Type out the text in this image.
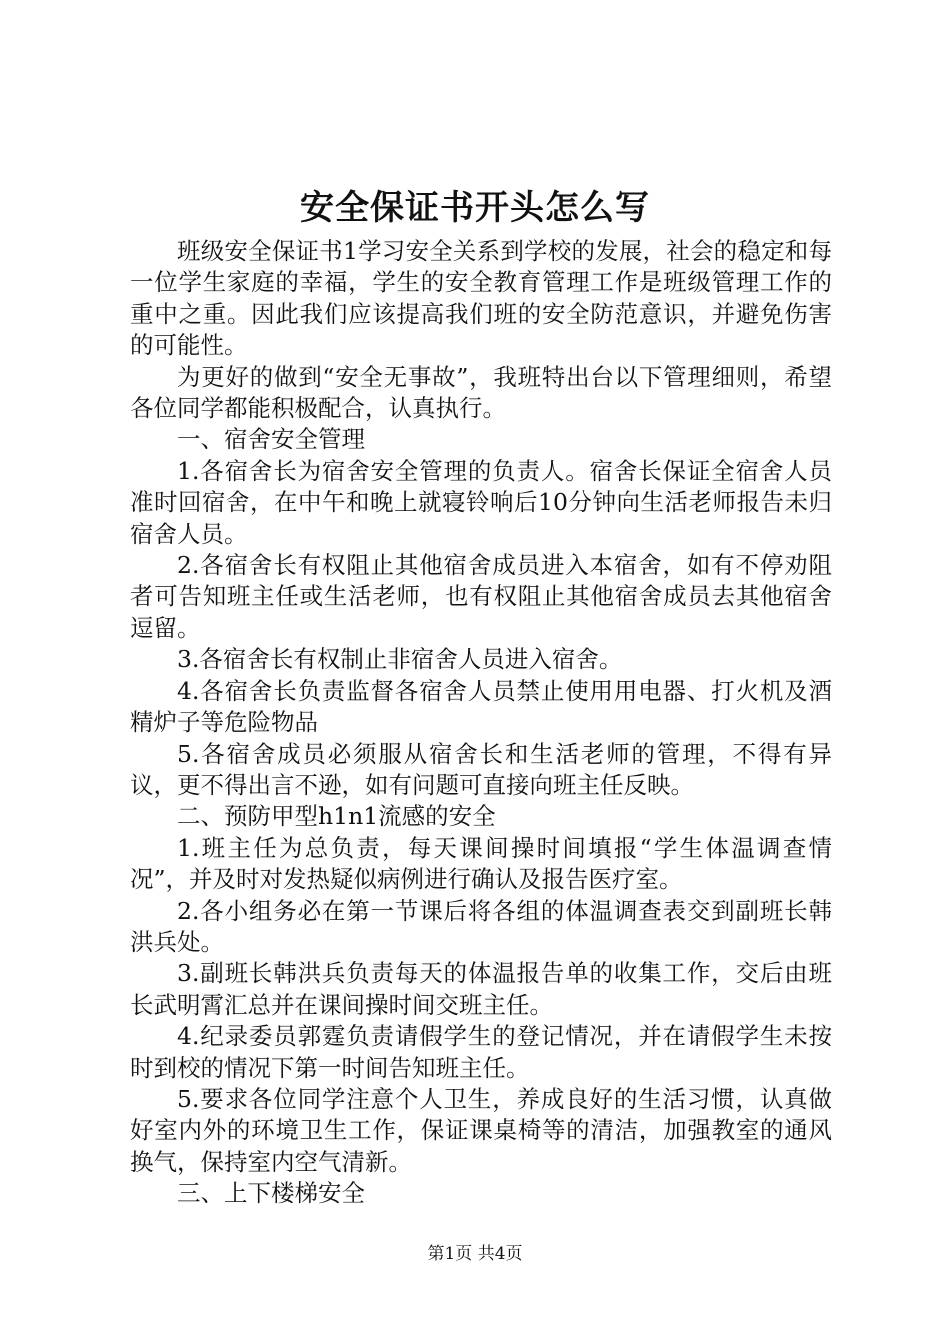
安全保证书开头怎么写

班级安全保证书1学习安全关系到学校的发展，社会的稳定和每一位学生家庭的幸福，学生的安全教育管理工作是班级管理工作的重中之重。因此我们应该提高我们班的安全防范意识，并避免伤害的可能性。

为更好的做到“安全无事故”，我班特出台以下管理细则，希望各位同学都能积极配合，认真执行。

一、宿舍安全管理

1.各宿舍长为宿舍安全管理的负责人。宿舍长保证全宿舍人员准时回宿舍，在中午和晚上就寝铃响后10分钟向生活老师报告未归宿舍人员。

2.各宿舍长有权阻止其他宿舍成员进入本宿舍，如有不停劝阻者可告知班主任或生活老师，也有权阻止其他宿舍成员去其他宿舍逗留。

3.各宿舍长有权制止非宿舍人员进入宿舍。

4.各宿舍长负责监督各宿舍人员禁止使用用电器、打火机及酒精炉子等危险物品

5.各宿舍成员必须服从宿舍长和生活老师的管理，不得有异议，更不得出言不逊，如有问题可直接向班主任反映。

二、预防甲型h1n1流感的安全

1.班主任为总负责，每天课间操时间填报“学生体温调查情况”，并及时对发热疑似病例进行确认及报告医疗室。

2.各小组务必在第一节课后将各组的体温调查表交到副班长韩洪兵处。

3.副班长韩洪兵负责每天的体温报告单的收集工作，交后由班长武明霄汇总并在课间操时间交班主任。

4.纪录委员郭霆负责请假学生的登记情况，并在请假学生未按时到校的情况下第一时间告知班主任。

5.要求各位同学注意个人卫生，养成良好的生活习惯，认真做好室内外的环境卫生工作，保证课桌椅等的清洁，加强教室的通风换气，保持室内空气清新。

三、上下楼梯安全

第1页 共4页
